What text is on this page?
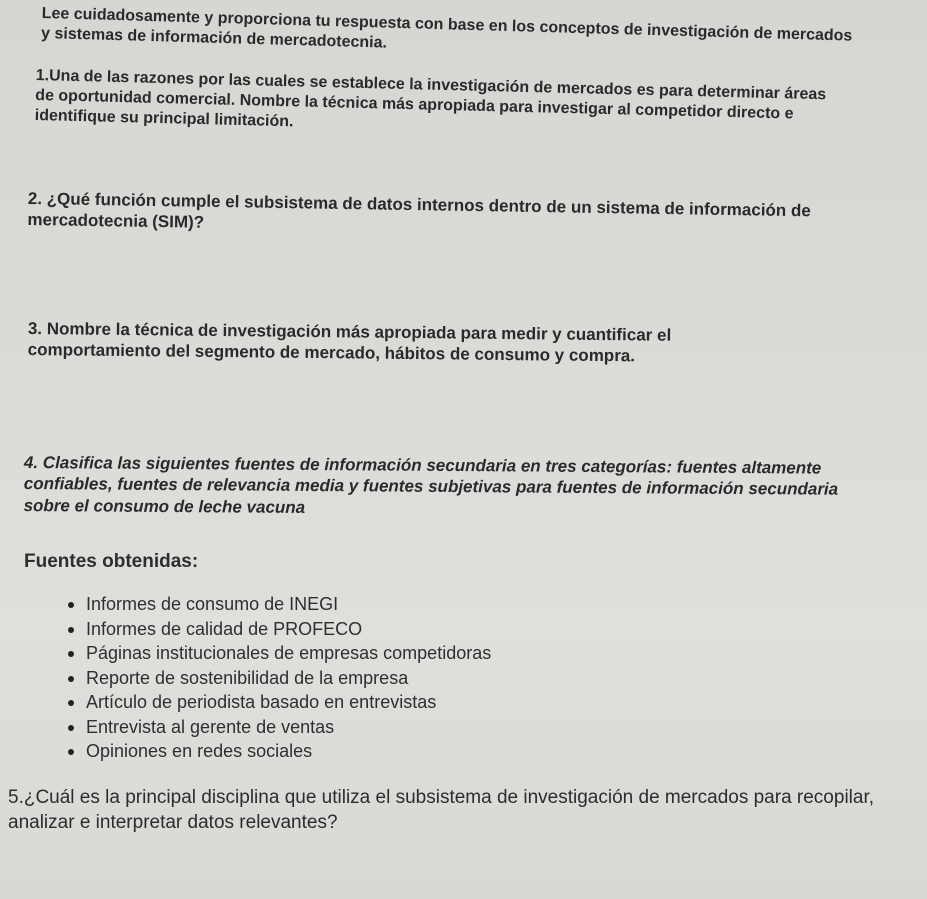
Lee cuidadosamente y proporciona tu respuesta con base en los conceptos de investigación de mercados y sistemas de información de mercadotecnia.

1.Una de las razones por las cuales se establece la investigación de mercados es para determinar áreas de oportunidad comercial. Nombre la técnica más apropiada para investigar al competidor directo e identifique su principal limitación.

2. ¿Qué función cumple el subsistema de datos internos dentro de un sistema de información de mercadotecnia (SIM)?

3. Nombre la técnica de investigación más apropiada para medir y cuantificar el comportamiento del segmento de mercado, hábitos de consumo y compra.

4. Clasifica las siguientes fuentes de información secundaria en tres categorías: fuentes altamente confiables, fuentes de relevancia media y fuentes subjetivas para fuentes de información secundaria sobre el consumo de leche vacuna

Fuentes obtenidas:

Informes de consumo de INEGI
Informes de calidad de PROFECO
Páginas institucionales de empresas competidoras
Reporte de sostenibilidad de la empresa
Artículo de periodista basado en entrevistas
Entrevista al gerente de ventas
Opiniones en redes sociales

5.¿Cuál es la principal disciplina que utiliza el subsistema de investigación de mercados para recopilar, analizar e interpretar datos relevantes?
